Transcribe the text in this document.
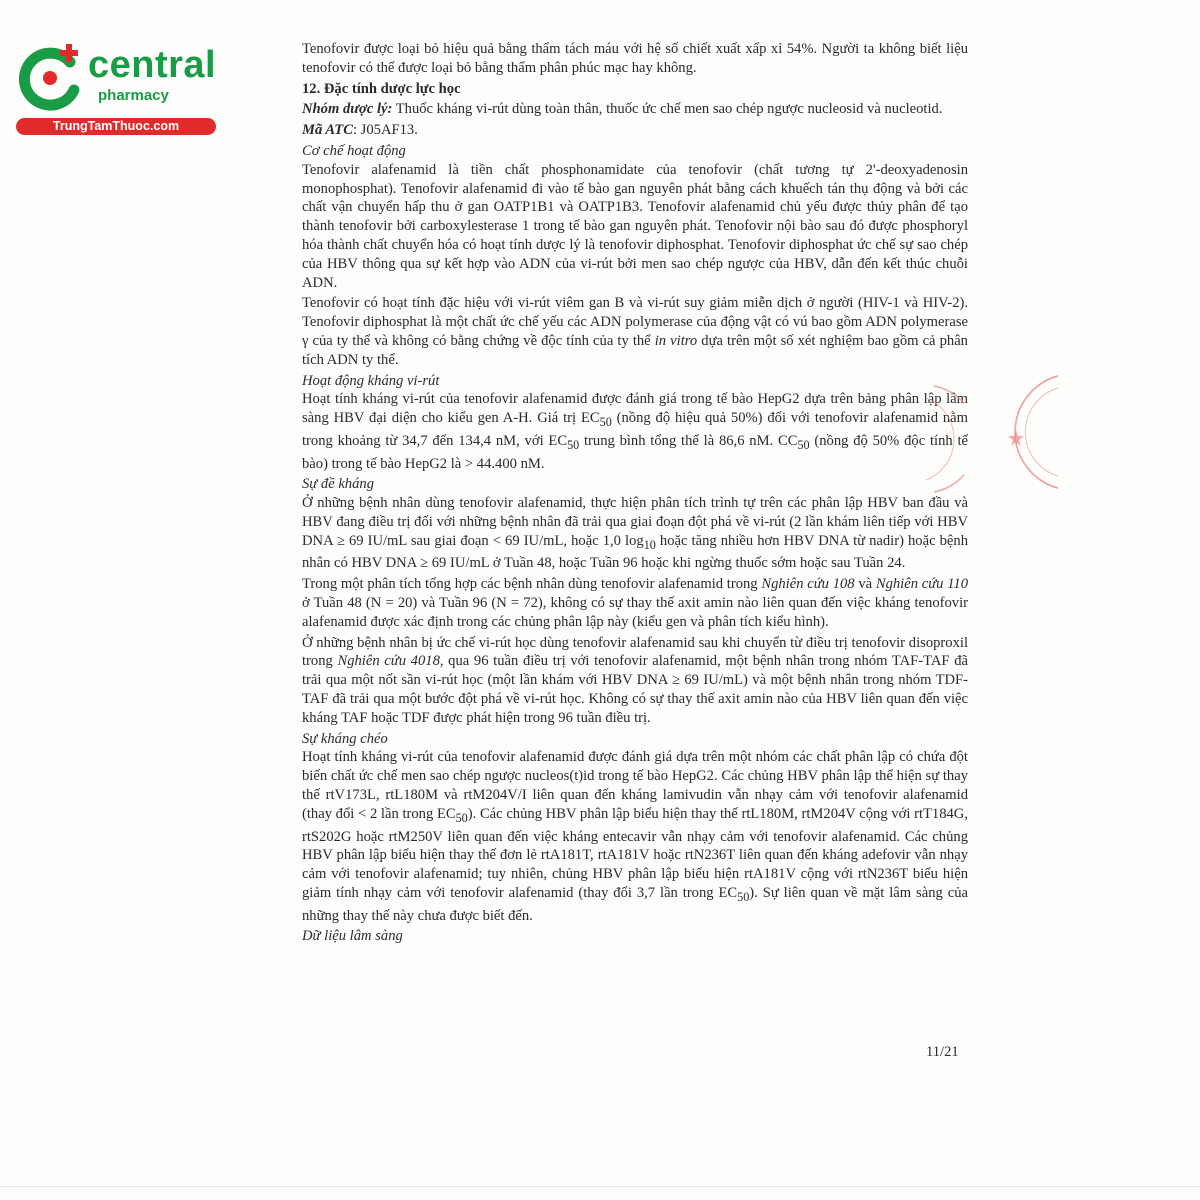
central
pharmacy
TrungTamThuoc.com

Tenofovir được loại bỏ hiệu quả bằng thẩm tách máu với hệ số chiết xuất xấp xỉ 54%. Người ta không biết liệu tenofovir có thể được loại bỏ bằng thẩm phân phúc mạc hay không.

12. Đặc tính dược lực học

Nhóm dược lý: Thuốc kháng vi-rút dùng toàn thân, thuốc ức chế men sao chép ngược nucleosid và nucleotid.

Mã ATC: J05AF13.

Cơ chế hoạt động

Tenofovir alafenamid là tiền chất phosphonamidate của tenofovir (chất tương tự 2'-deoxyadenosin monophosphat). Tenofovir alafenamid đi vào tế bào gan nguyên phát bằng cách khuếch tán thụ động và bởi các chất vận chuyển hấp thu ở gan OATP1B1 và OATP1B3. Tenofovir alafenamid chủ yếu được thủy phân để tạo thành tenofovir bởi carboxylesterase 1 trong tế bào gan nguyên phát. Tenofovir nội bào sau đó được phosphoryl hóa thành chất chuyển hóa có hoạt tính dược lý là tenofovir diphosphat. Tenofovir diphosphat ức chế sự sao chép của HBV thông qua sự kết hợp vào ADN của vi-rút bởi men sao chép ngược của HBV, dẫn đến kết thúc chuỗi ADN.

Tenofovir có hoạt tính đặc hiệu với vi-rút viêm gan B và vi-rút suy giảm miễn dịch ở người (HIV-1 và HIV-2). Tenofovir diphosphat là một chất ức chế yếu các ADN polymerase của động vật có vú bao gồm ADN polymerase γ của ty thể và không có bằng chứng về độc tính của ty thể in vitro dựa trên một số xét nghiệm bao gồm cả phân tích ADN ty thể.

Hoạt động kháng vi-rút

Hoạt tính kháng vi-rút của tenofovir alafenamid được đánh giá trong tế bào HepG2 dựa trên bảng phân lập lâm sàng HBV đại diện cho kiểu gen A-H. Giá trị $EC_{50}$ (nồng độ hiệu quả 50%) đối với tenofovir alafenamid nằm trong khoảng từ 34,7 đến 134,4 nM, với $EC_{50}$ trung bình tổng thể là 86,6 nM. $CC_{50}$ (nồng độ 50% độc tính tế bào) trong tế bào HepG2 là > 44.400 nM.

Sự đề kháng

Ở những bệnh nhân dùng tenofovir alafenamid, thực hiện phân tích trình tự trên các phân lập HBV ban đầu và HBV đang điều trị đối với những bệnh nhân đã trải qua giai đoạn đột phá về vi-rút (2 lần khám liên tiếp với HBV DNA ≥ 69 IU/mL sau giai đoạn < 69 IU/mL, hoặc 1,0 $\log_{10}$ hoặc tăng nhiều hơn HBV DNA từ nadir) hoặc bệnh nhân có HBV DNA ≥ 69 IU/mL ở Tuần 48, hoặc Tuần 96 hoặc khi ngừng thuốc sớm hoặc sau Tuần 24.

Trong một phân tích tổng hợp các bệnh nhân dùng tenofovir alafenamid trong Nghiên cứu 108 và Nghiên cứu 110 ở Tuần 48 (N = 20) và Tuần 96 (N = 72), không có sự thay thế axit amin nào liên quan đến việc kháng tenofovir alafenamid được xác định trong các chủng phân lập này (kiểu gen và phân tích kiểu hình).

Ở những bệnh nhân bị ức chế vi-rút học dùng tenofovir alafenamid sau khi chuyển từ điều trị tenofovir disoproxil trong Nghiên cứu 4018, qua 96 tuần điều trị với tenofovir alafenamid, một bệnh nhân trong nhóm TAF-TAF đã trải qua một nốt sần vi-rút học (một lần khám với HBV DNA ≥ 69 IU/mL) và một bệnh nhân trong nhóm TDF-TAF đã trải qua một bước đột phá về vi-rút học. Không có sự thay thế axit amin nào của HBV liên quan đến việc kháng TAF hoặc TDF được phát hiện trong 96 tuần điều trị.

Sự kháng chéo

Hoạt tính kháng vi-rút của tenofovir alafenamid được đánh giá dựa trên một nhóm các chất phân lập có chứa đột biến chất ức chế men sao chép ngược nucleos(t)id trong tế bào HepG2. Các chủng HBV phân lập thể hiện sự thay thế rtV173L, rtL180M và rtM204V/I liên quan đến kháng lamivudin vẫn nhạy cảm với tenofovir alafenamid (thay đổi < 2 lần trong $EC_{50}$). Các chủng HBV phân lập biểu hiện thay thế rtL180M, rtM204V cộng với rtT184G, rtS202G hoặc rtM250V liên quan đến việc kháng entecavir vẫn nhạy cảm với tenofovir alafenamid. Các chủng HBV phân lập biểu hiện thay thế đơn lẻ rtA181T, rtA181V hoặc rtN236T liên quan đến kháng adefovir vẫn nhạy cảm với tenofovir alafenamid; tuy nhiên, chủng HBV phân lập biểu hiện rtA181V cộng với rtN236T biểu hiện giảm tính nhạy cảm với tenofovir alafenamid (thay đổi 3,7 lần trong $EC_{50}$). Sự liên quan về mặt lâm sàng của những thay thế này chưa được biết đến.

Dữ liệu lâm sàng

11/21
